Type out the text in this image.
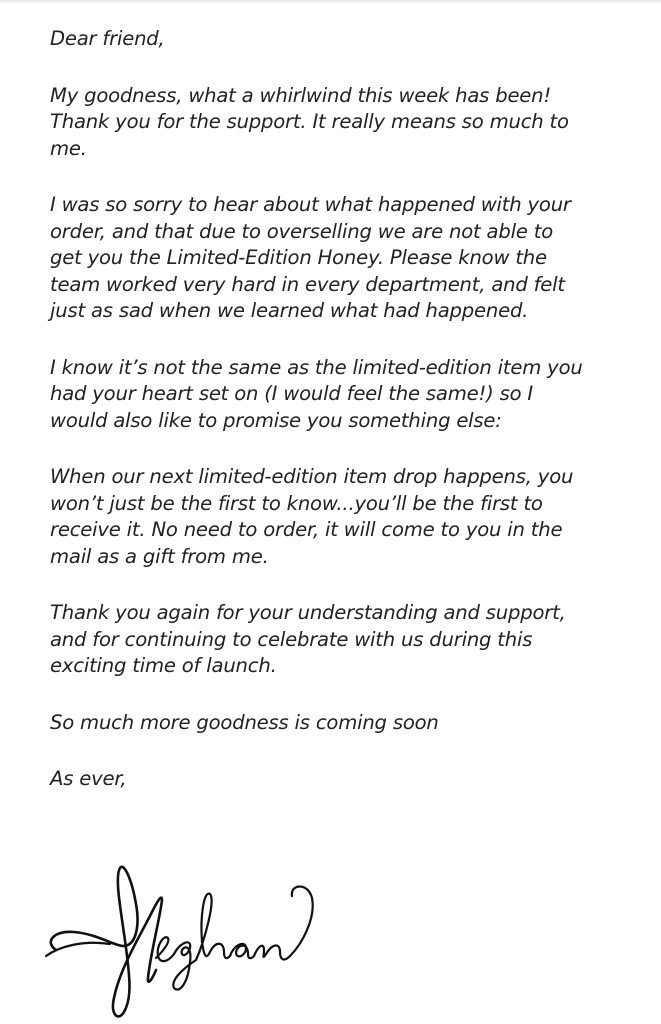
Dear friend,

My goodness, what a whirlwind this week has been!
Thank you for the support. It really means so much to
me.

I was so sorry to hear about what happened with your
order, and that due to overselling we are not able to
get you the Limited-Edition Honey. Please know the
team worked very hard in every department, and felt
just as sad when we learned what had happened.

I know it’s not the same as the limited-edition item you
had your heart set on (I would feel the same!) so I
would also like to promise you something else:

When our next limited-edition item drop happens, you
won’t just be the first to know...you’ll be the first to
receive it. No need to order, it will come to you in the
mail as a gift from me.

Thank you again for your understanding and support,
and for continuing to celebrate with us during this
exciting time of launch.

So much more goodness is coming soon

As ever,
